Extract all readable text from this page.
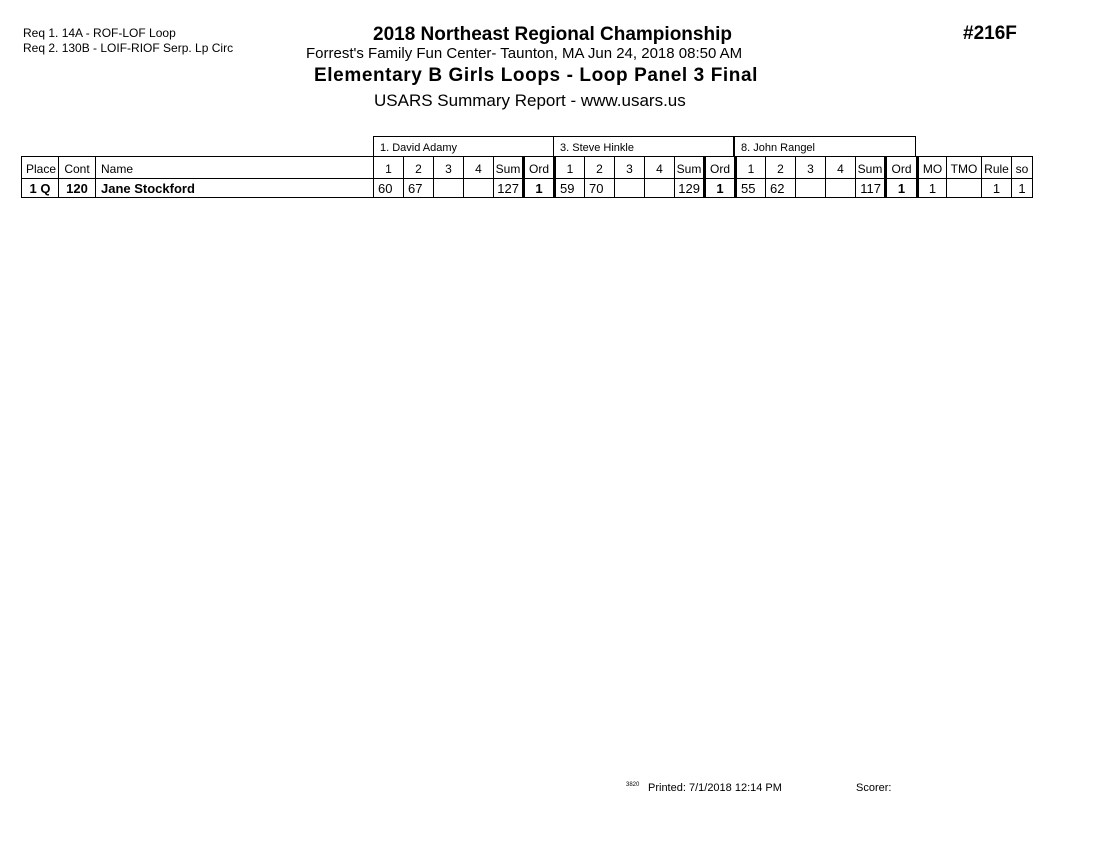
Req 1. 14A - ROF-LOF Loop
Req 2. 130B - LOIF-RIOF Serp. Lp Circ
2018 Northeast Regional Championship
Forrest's Family Fun Center- Taunton, MA Jun 24, 2018 08:50 AM
Elementary B Girls Loops - Loop Panel 3 Final
USARS Summary Report - www.usars.us
#216F
1. David Adamy	3. Steve Hinkle	8. John Rangel
Place	Cont	Name	1	2	3	4	Sum	Ord	1	2	3	4	Sum	Ord	1	2	3	4	Sum	Ord	MO	TMO	Rule	so
1 Q	120	Jane Stockford	60	67			127	1	59	70			129	1	55	62			117	1	1		1	1
3820 Printed: 7/1/2018 12:14 PM	Scorer:
